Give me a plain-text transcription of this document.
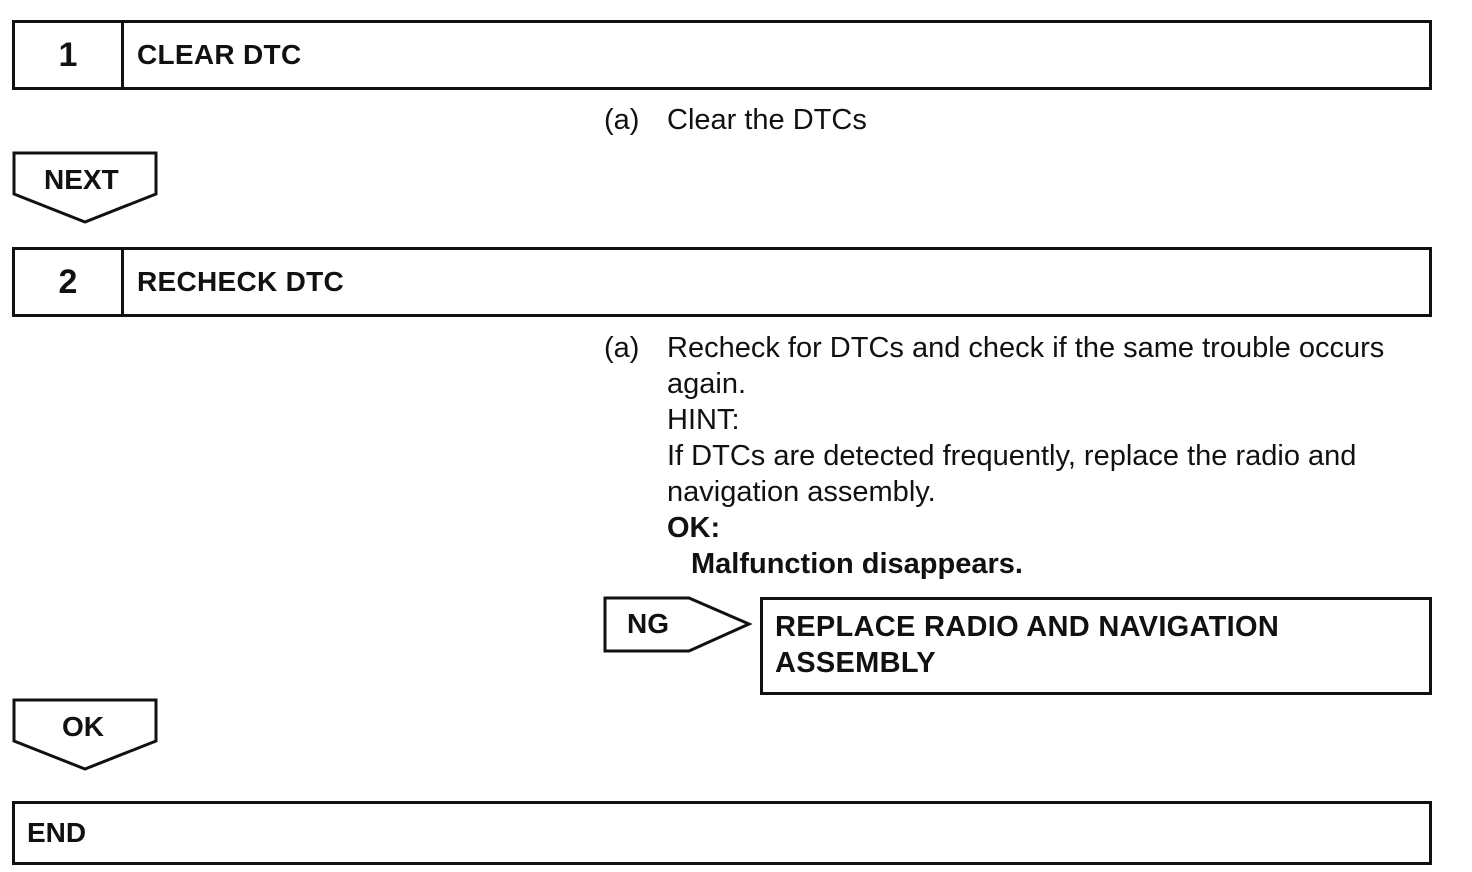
1	CLEAR DTC
(a) Clear the DTCs
NEXT
2	RECHECK DTC
(a) Recheck for DTCs and check if the same trouble occurs
again.
HINT:
If DTCs are detected frequently, replace the radio and
navigation assembly.
OK:
Malfunction disappears.
NG	REPLACE RADIO AND NAVIGATION
ASSEMBLY
OK
END
